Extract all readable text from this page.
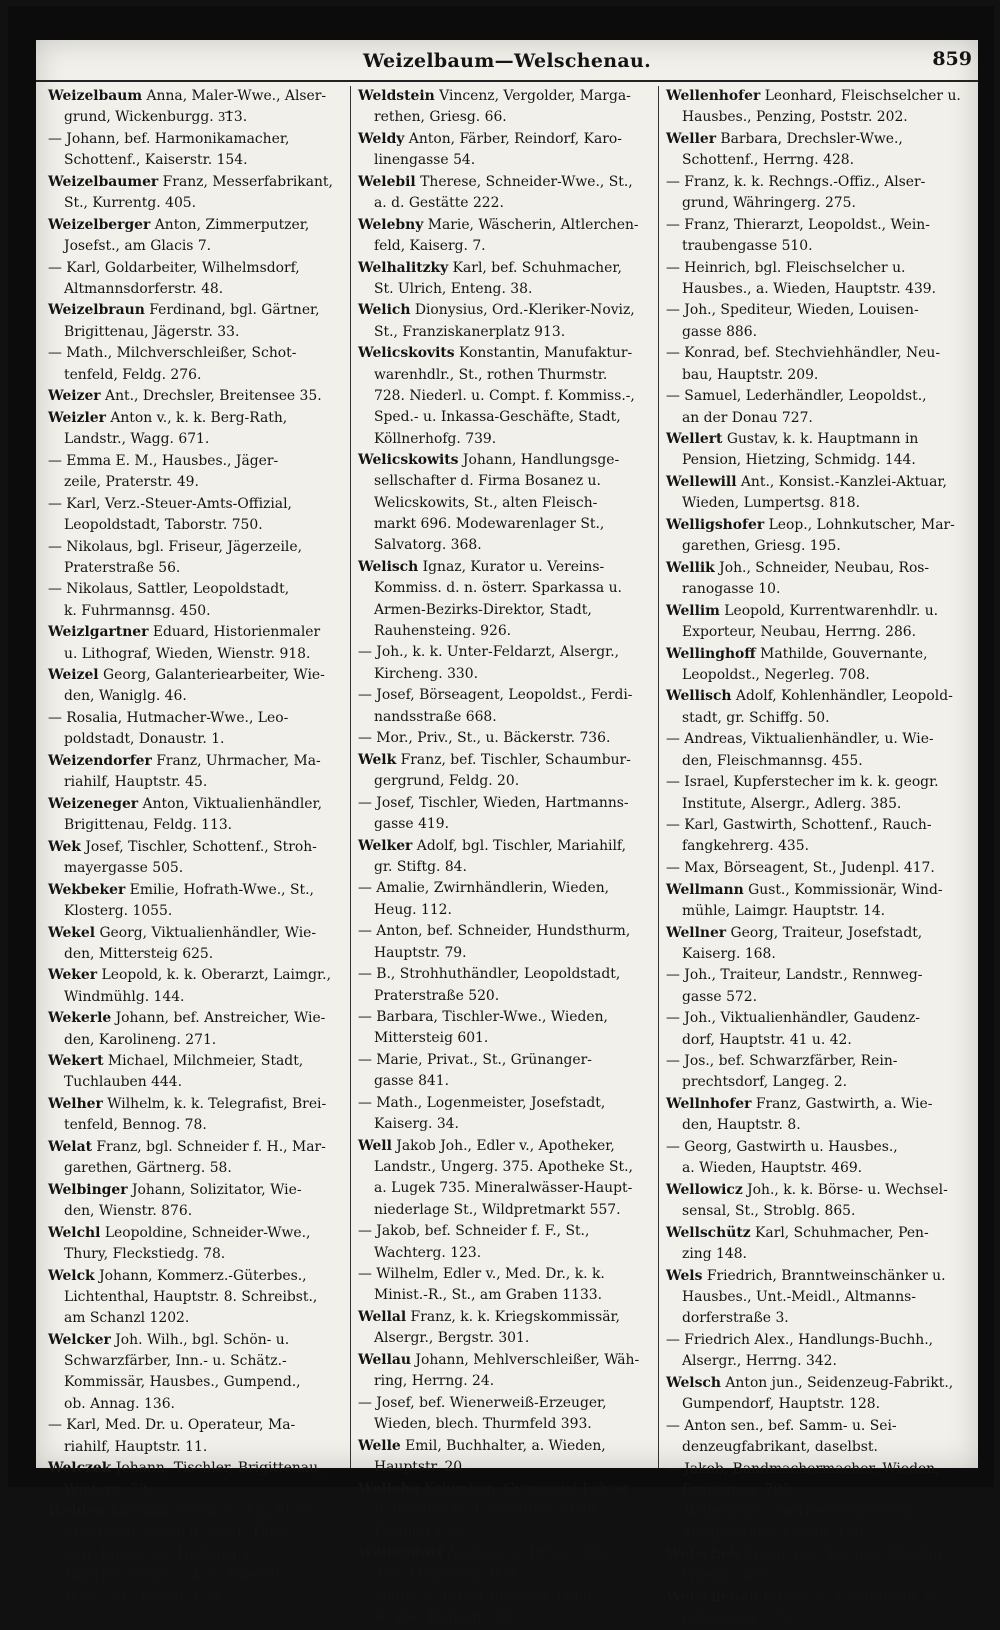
Weizelbaum—Welschenau.	859

Weizelbaum Anna, Maler-Wwe., Alser-
grund, Wickenburgg. 3͞13.

— Johann, bef. Harmonikamacher,
Schottenf., Kaiserstr. 154.

Weizelbaumer Franz, Messerfabrikant,
St., Kurrentg. 405.

Weizelberger Anton, Zimmerputzer,
Josefst., am Glacis 7.

— Karl, Goldarbeiter, Wilhelmsdorf,
Altmannsdorferstr. 48.

Weizelbraun Ferdinand, bgl. Gärtner,
Brigittenau, Jägerstr. 33.

— Math., Milchverschleißer, Schot-
tenfeld, Feldg. 276.

Weizer Ant., Drechsler, Breitensee 35.

Weizler Anton v., k. k. Berg-Rath,
Landstr., Wagg. 671.

— Emma E. M., Hausbes., Jäger-
zeile, Praterstr. 49.

— Karl, Verz.-Steuer-Amts-Offizial,
Leopoldstadt, Taborstr. 750.

— Nikolaus, bgl. Friseur, Jägerzeile,
Praterstraße 56.

— Nikolaus, Sattler, Leopoldstadt,
k. Fuhrmannsg. 450.

Weizlgartner Eduard, Historienmaler
u. Lithograf, Wieden, Wienstr. 918.

Weizel Georg, Galanteriearbeiter, Wie-
den, Waniglg. 46.

— Rosalia, Hutmacher-Wwe., Leo-
poldstadt, Donaustr. 1.

Weizendorfer Franz, Uhrmacher, Ma-
riahilf, Hauptstr. 45.

Weizeneger Anton, Viktualienhändler,
Brigittenau, Feldg. 113.

Wek Josef, Tischler, Schottenf., Stroh-
mayergasse 505.

Wekbeker Emilie, Hofrath-Wwe., St.,
Klosterg. 1055.

Wekel Georg, Viktualienhändler, Wie-
den, Mittersteig 625.

Weker Leopold, k. k. Oberarzt, Laimgr.,
Windmühlg. 144.

Wekerle Johann, bef. Anstreicher, Wie-
den, Karolineng. 271.

Wekert Michael, Milchmeier, Stadt,
Tuchlauben 444.

Welher Wilhelm, k. k. Telegrafist, Brei-
tenfeld, Bennog. 78.

Welat Franz, bgl. Schneider f. H., Mar-
garethen, Gärtnerg. 58.

Welbinger Johann, Solizitator, Wie-
den, Wienstr. 876.

Welchl Leopoldine, Schneider-Wwe.,
Thury, Fleckstiedg. 78.

Welck Johann, Kommerz.-Güterbes.,
Lichtenthal, Hauptstr. 8. Schreibst.,
am Schanzl 1202.

Welcker Joh. Wilh., bgl. Schön- u.
Schwarzfärber, Inn.- u. Schätz.-
Kommissär, Hausbes., Gumpend.,
ob. Annag. 136.

— Karl, Med. Dr. u. Operateur, Ma-
riahilf, Hauptstr. 11.

Welczek Johann, Tischler, Brigittenau,
Winterg. 73.

Welden Karolina, Freiin v., Aja, Stern-
kreuz-Ord.-Dame u. baier. Ther.-
Ord.-Dame, St., Hofburg 1.

— Gabriel, Freiin v., k. k. Oberstl.-
Wwe., St., Penng. 156.

Weldstein Vincenz, Vergolder, Marga-
rethen, Griesg. 66.

Weldy Anton, Färber, Reindorf, Karo-
linengasse 54.

Welebil Therese, Schneider-Wwe., St.,
a. d. Gestätte 222.

Welebny Marie, Wäscherin, Altlerchen-
feld, Kaiserg. 7.

Welhalitzky Karl, bef. Schuhmacher,
St. Ulrich, Enteng. 38.

Welich Dionysius, Ord.-Kleriker-Noviz,
St., Franziskanerplatz 913.

Welicskovits Konstantin, Manufaktur-
warenhdlr., St., rothen Thurmstr.
728. Niederl. u. Compt. f. Kommiss.-,
Sped.- u. Inkassa-Geschäfte, Stadt,
Köllnerhofg. 739.

Welicskowits Johann, Handlungsge-
sellschafter d. Firma Bosanez u.
Welicskowits, St., alten Fleisch-
markt 696. Modewarenlager St.,
Salvatorg. 368.

Welisch Ignaz, Kurator u. Vereins-
Kommiss. d. n. österr. Sparkassa u.
Armen-Bezirks-Direktor, Stadt,
Rauhensteing. 926.

— Joh., k. k. Unter-Feldarzt, Alsergr.,
Kircheng. 330.

— Josef, Börseagent, Leopoldst., Ferdi-
nandsstraße 668.

— Mor., Priv., St., u. Bäckerstr. 736.

Welk Franz, bef. Tischler, Schaumbur-
gergrund, Feldg. 20.

— Josef, Tischler, Wieden, Hartmanns-
gasse 419.

Welker Adolf, bgl. Tischler, Mariahilf,
gr. Stiftg. 84.

— Amalie, Zwirnhändlerin, Wieden,
Heug. 112.

— Anton, bef. Schneider, Hundsthurm,
Hauptstr. 79.

— B., Strohhuthändler, Leopoldstadt,
Praterstraße 520.

— Barbara, Tischler-Wwe., Wieden,
Mittersteig 601.

— Marie, Privat., St., Grünanger-
gasse 841.

— Math., Logenmeister, Josefstadt,
Kaiserg. 34.

Well Jakob Joh., Edler v., Apotheker,
Landstr., Ungerg. 375. Apotheke St.,
a. Lugek 735. Mineralwässer-Haupt-
niederlage St., Wildpretmarkt 557.

— Jakob, bef. Schneider f. F., St.,
Wachterg. 123.

— Wilhelm, Edler v., Med. Dr., k. k.
Minist.-R., St., am Graben 1133.

Wellal Franz, k. k. Kriegskommissär,
Alsergr., Bergstr. 301.

Wellau Johann, Mehlverschleißer, Wäh-
ring, Herrng. 24.

— Josef, bef. Wienerweiß-Erzeuger,
Wieden, blech. Thurmfeld 393.

Welle Emil, Buchhalter, a. Wieden,
Hauptstr. 20.

Welleba Kolumban, Gymnasial-Lehrer
u. Priester b. d. Schotten, Stadt,
Freiung 136.

Wellendorf Andreas v., Privat., Wie-
den, Leopoldsg. 834.

— Anton v., Privat-Beamter, Land-
straße, Halterg. 680.

Wellenhofer Leonhard, Fleischselcher u.
Hausbes., Penzing, Poststr. 202.

Weller Barbara, Drechsler-Wwe.,
Schottenf., Herrng. 428.

— Franz, k. k. Rechngs.-Offiz., Alser-
grund, Währingerg. 275.

— Franz, Thierarzt, Leopoldst., Wein-
traubengasse 510.

— Heinrich, bgl. Fleischselcher u.
Hausbes., a. Wieden, Hauptstr. 439.

— Joh., Spediteur, Wieden, Louisen-
gasse 886.

— Konrad, bef. Stechviehhändler, Neu-
bau, Hauptstr. 209.

— Samuel, Lederhändler, Leopoldst.,
an der Donau 727.

Wellert Gustav, k. k. Hauptmann in
Pension, Hietzing, Schmidg. 144.

Wellewill Ant., Konsist.-Kanzlei-Aktuar,
Wieden, Lumpertsg. 818.

Welligshofer Leop., Lohnkutscher, Mar-
garethen, Griesg. 195.

Wellik Joh., Schneider, Neubau, Ros-
ranogasse 10.

Wellim Leopold, Kurrentwarenhdlr. u.
Exporteur, Neubau, Herrng. 286.

Wellinghoff Mathilde, Gouvernante,
Leopoldst., Negerleg. 708.

Wellisch Adolf, Kohlenhändler, Leopold-
stadt, gr. Schiffg. 50.

— Andreas, Viktualienhändler, u. Wie-
den, Fleischmannsg. 455.

— Israel, Kupferstecher im k. k. geogr.
Institute, Alsergr., Adlerg. 385.

— Karl, Gastwirth, Schottenf., Rauch-
fangkehrerg. 435.

— Max, Börseagent, St., Judenpl. 417.

Wellmann Gust., Kommissionär, Wind-
mühle, Laimgr. Hauptstr. 14.

Wellner Georg, Traiteur, Josefstadt,
Kaiserg. 168.

— Joh., Traiteur, Landstr., Rennweg-
gasse 572.

— Joh., Viktualienhändler, Gaudenz-
dorf, Hauptstr. 41 u. 42.

— Jos., bef. Schwarzfärber, Rein-
prechtsdorf, Langeg. 2.

Wellnhofer Franz, Gastwirth, a. Wie-
den, Hauptstr. 8.

— Georg, Gastwirth u. Hausbes.,
a. Wieden, Hauptstr. 469.

Wellowicz Joh., k. k. Börse- u. Wechsel-
sensal, St., Stroblg. 865.

Wellschütz Karl, Schuhmacher, Pen-
zing 148.

Wels Friedrich, Branntweinschänker u.
Hausbes., Unt.-Meidl., Altmanns-
dorferstraße 3.

— Friedrich Alex., Handlungs-Buchh.,
Alsergr., Herrng. 342.

Welsch Anton jun., Seidenzeug-Fabrikt.,
Gumpendorf, Hauptstr. 128.

— Anton sen., bef. Samm- u. Sei-
denzeugfabrikant, daselbst.

— Jakob, Bandmachermacher, Wieden,
Franzensg. 705.

— Wilhelmine, Zwirnverschleißerin,
Margarethen, Grohg. 179.

Welschek Anton, bef. Tischler, Wieden,
Wienstr. 877.

Welschenau Jakoba v., Ursulinerin, St.,
Johannesg. 979.
